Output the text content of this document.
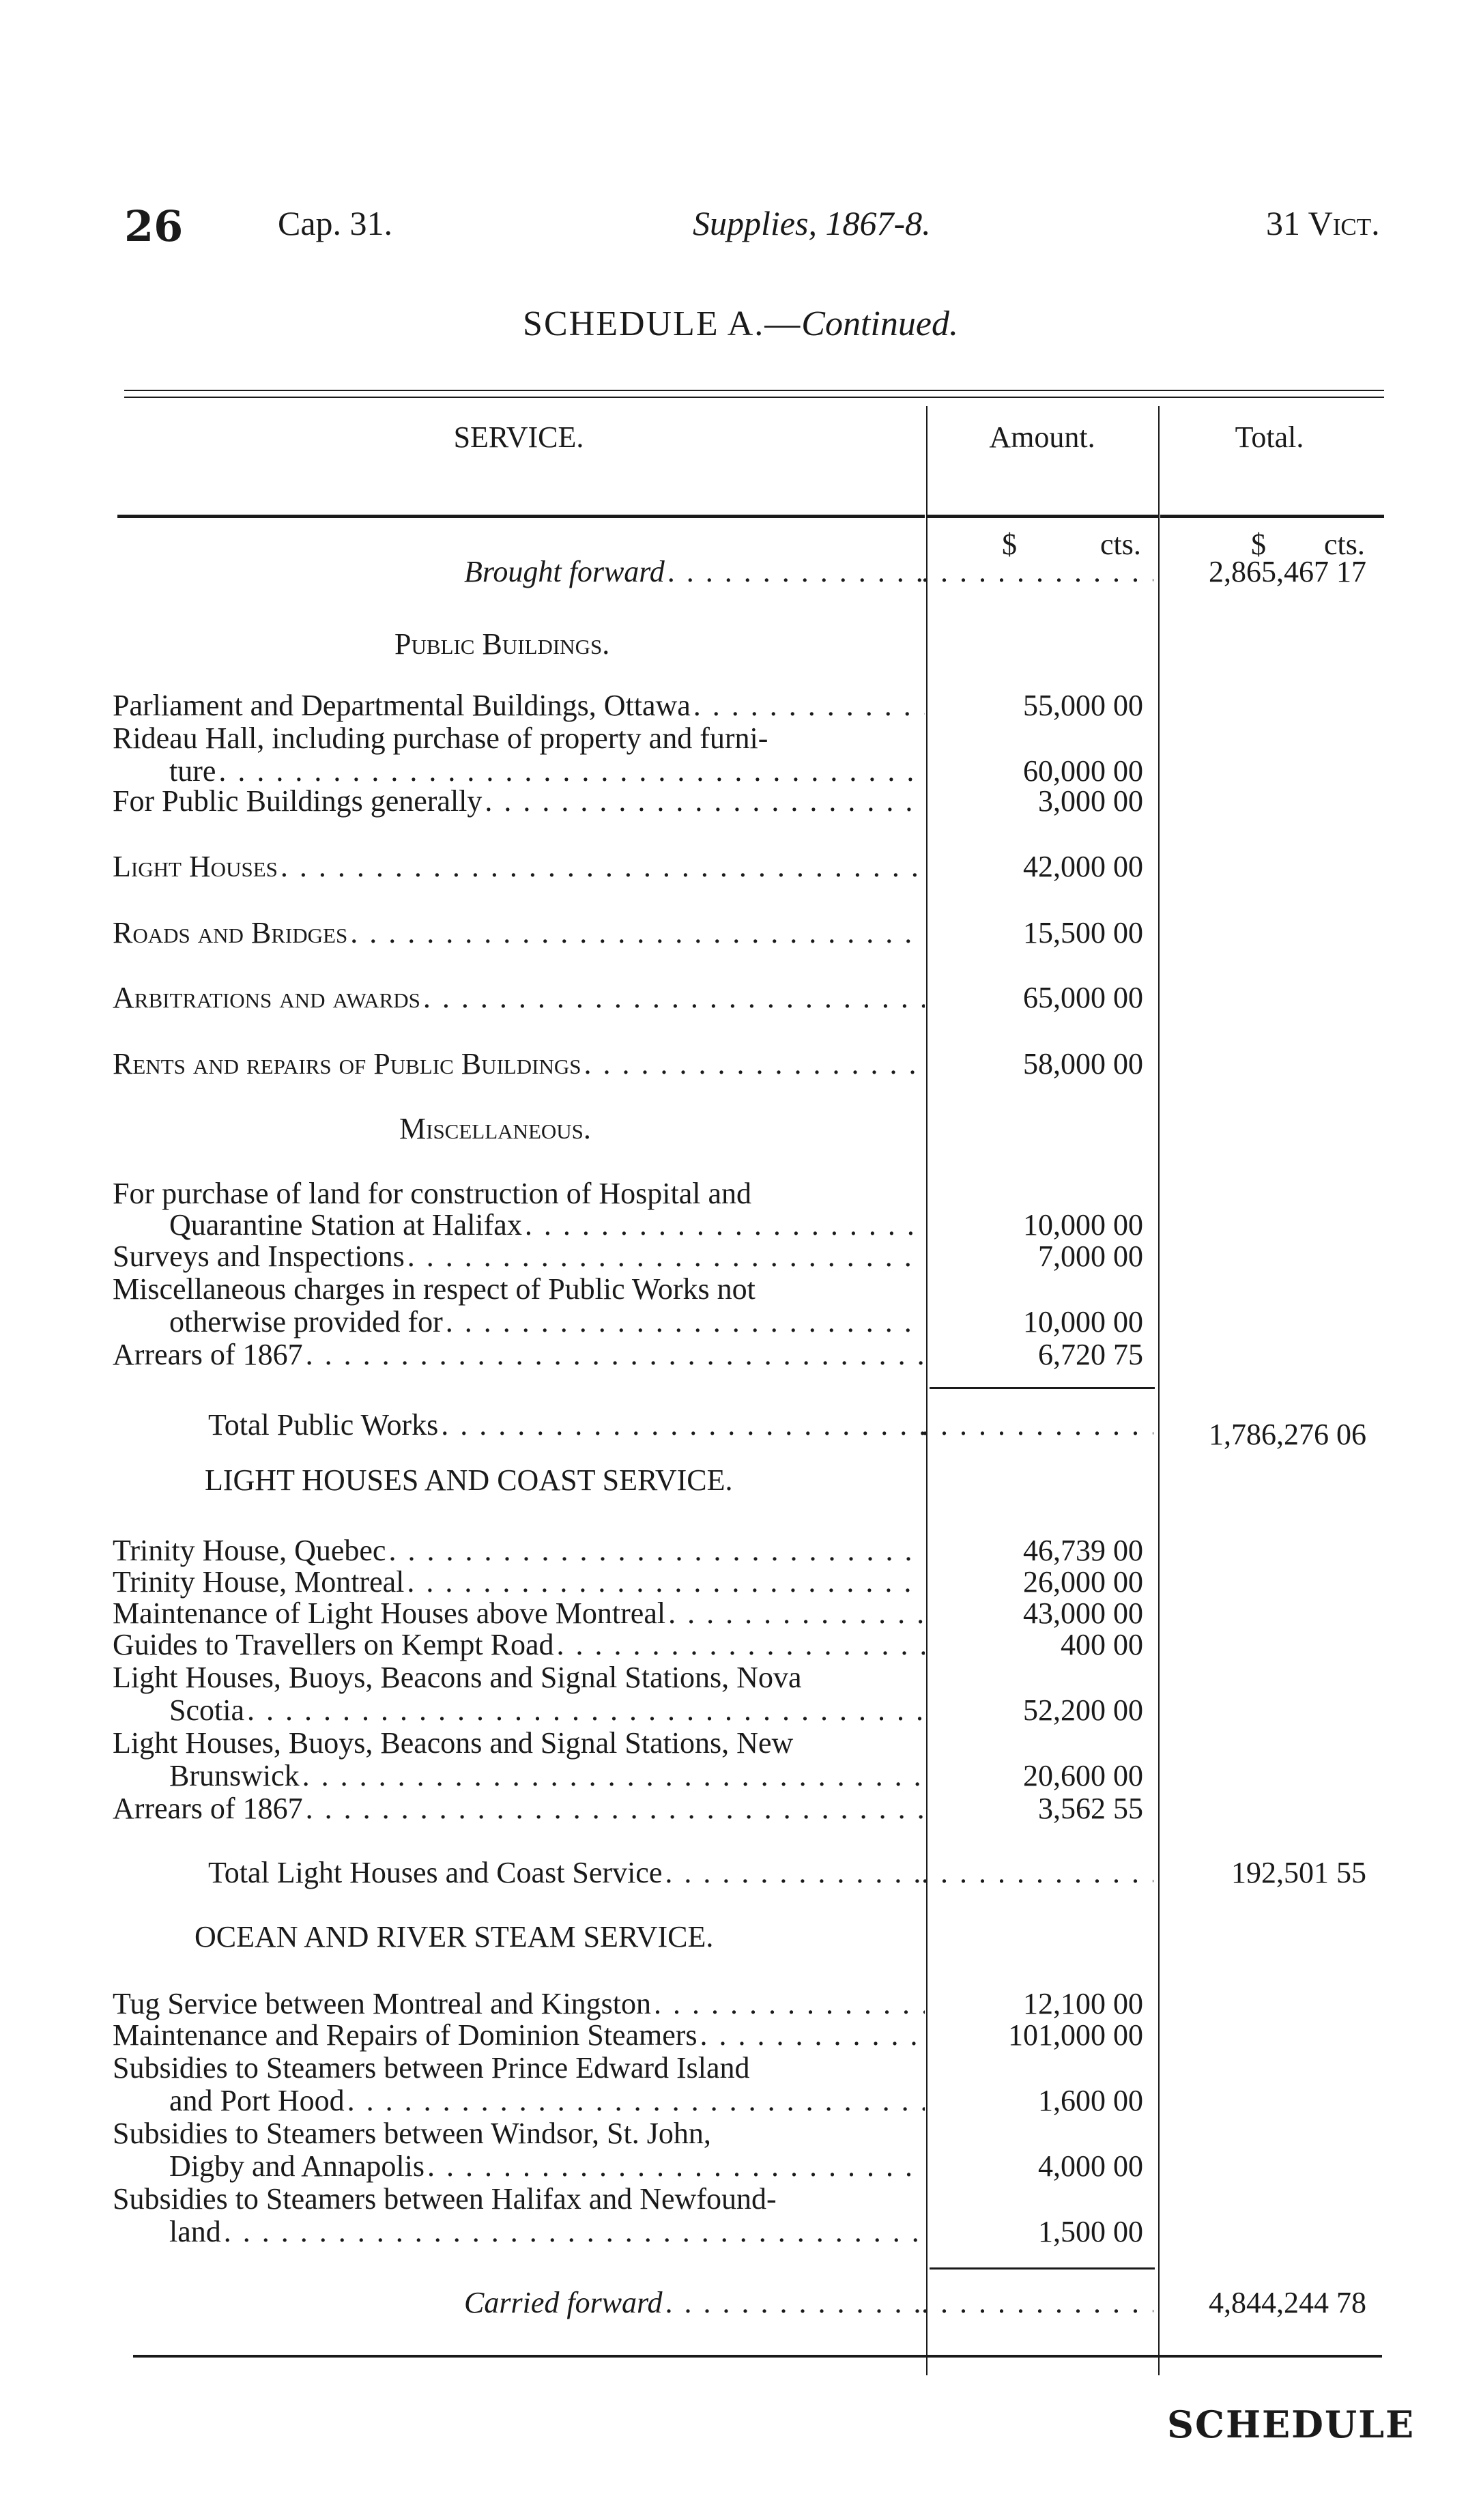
26	Cap. 31.	Supplies, 1867-8.	31 Vict.
SCHEDULE A.—Continued.
SERVICE.	Amount.	Total.
$	cts.	$ cts.
Brought forward . . . . . .	2,865,467 17
Public Buildings.
Parliament and Departmental Buildings, Ottawa . . .	55,000 00
Rideau Hall, including purchase of property and furni-
ture . . .	60,000 00
For Public Buildings generally . . .	3,000 00
Light Houses . . .	42,000 00
Roads and Bridges . . .	15,500 00
Arbitrations and awards . . .	65,000 00
Rents and repairs of Public Buildings . . .	58,000 00
Miscellaneous.
For purchase of land for construction of Hospital and
Quarantine Station at Halifax . . .	10,000 00
Surveys and Inspections . . .	7,000 00
Miscellaneous charges in respect of Public Works not
otherwise provided for . . .	10,000 00
Arrears of 1867 . . .	6,720 75
Total Public Works . . . . . .	1,786,276 06
LIGHT HOUSES AND COAST SERVICE.
Trinity House, Quebec . . .	46,739 00
Trinity House, Montreal . . .	26,000 00
Maintenance of Light Houses above Montreal . . .	43,000 00
Guides to Travellers on Kempt Road . . .	400 00
Light Houses, Buoys, Beacons and Signal Stations, Nova
Scotia . . .	52,200 00
Light Houses, Buoys, Beacons and Signal Stations, New
Brunswick . . .	20,600 00
Arrears of 1867 . . .	3,562 55
Total Light Houses and Coast Service . . . . . .	192,501 55
OCEAN AND RIVER STEAM SERVICE.
Tug Service between Montreal and Kingston . . .	12,100 00
Maintenance and Repairs of Dominion Steamers . . .	101,000 00
Subsidies to Steamers between Prince Edward Island
and Port Hood . . .	1,600 00
Subsidies to Steamers between Windsor, St. John,
Digby and Annapolis . . .	4,000 00
Subsidies to Steamers between Halifax and Newfound-
land . . .	1,500 00
Carried forward . . . . . .	4,844,244 78
SCHEDULE
